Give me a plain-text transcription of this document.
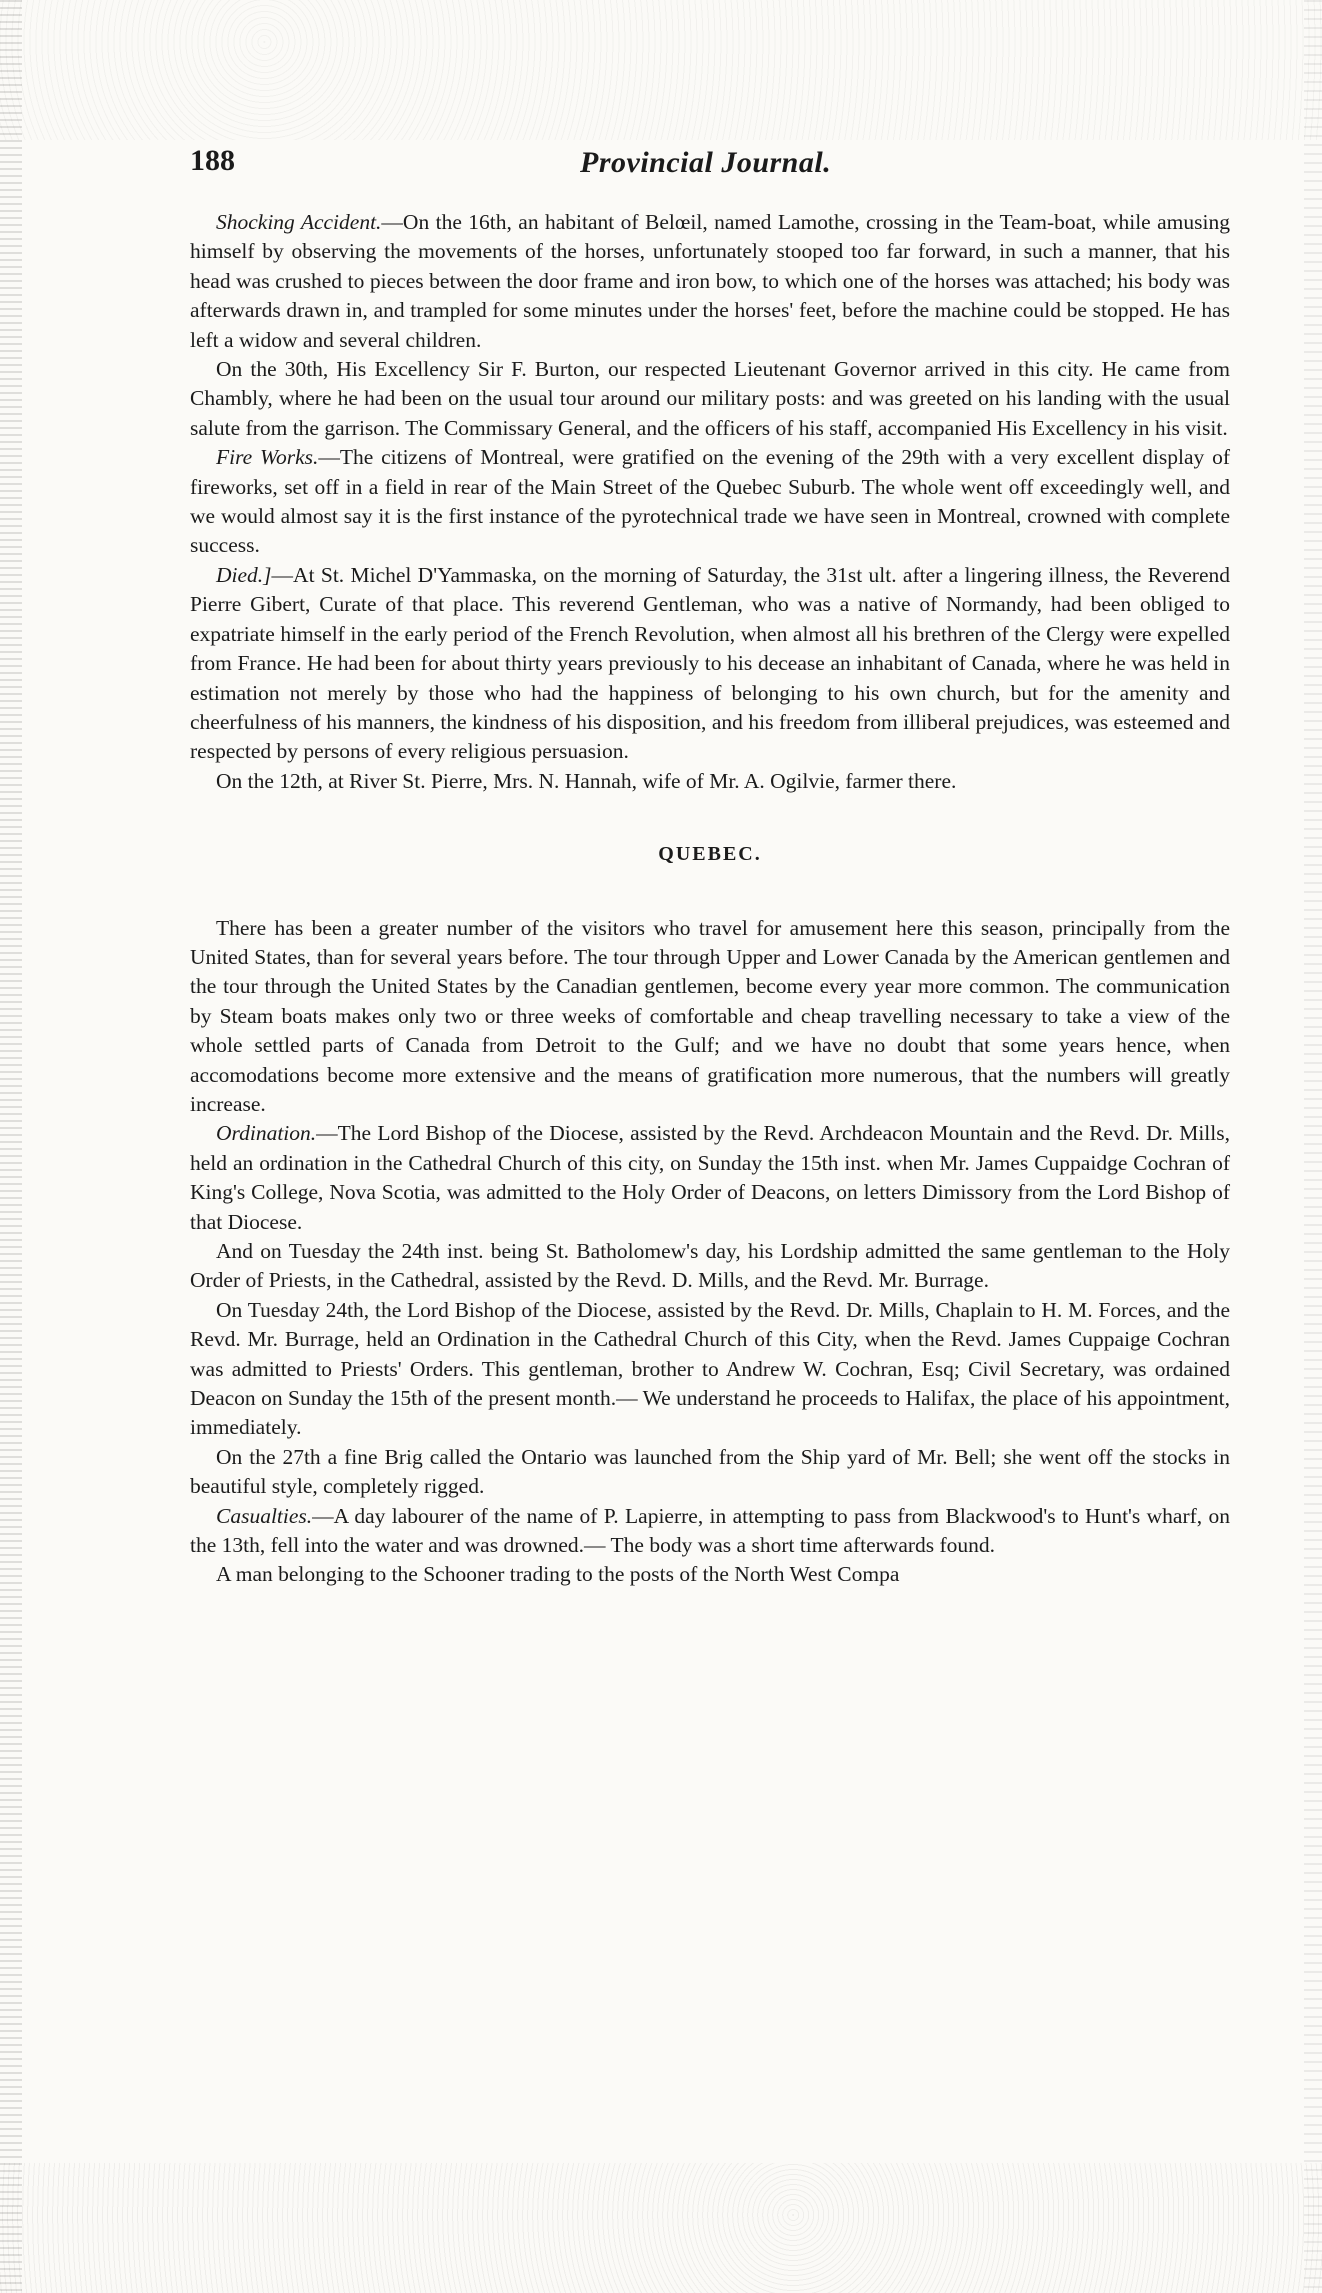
188	Provincial Journal.

Shocking Accident.—On the 16th, an habitant of Belœil, named Lamothe, crossing in the Team-boat, while amusing himself by observing the movements of the horses, unfortunately stooped too far forward, in such a manner, that his head was crushed to pieces between the door frame and iron bow, to which one of the horses was attached; his body was afterwards drawn in, and trampled for some minutes under the horses' feet, before the machine could be stopped. He has left a widow and several children.

On the 30th, His Excellency Sir F. Burton, our respected Lieutenant Governor arrived in this city. He came from Chambly, where he had been on the usual tour around our military posts: and was greeted on his landing with the usual salute from the garrison. The Commissary General, and the officers of his staff, accompanied His Excellency in his visit.

Fire Works.—The citizens of Montreal, were gratified on the evening of the 29th with a very excellent display of fireworks, set off in a field in rear of the Main Street of the Quebec Suburb. The whole went off exceedingly well, and we would almost say it is the first instance of the pyrotechnical trade we have seen in Montreal, crowned with complete success.

Died.]—At St. Michel D'Yammaska, on the morning of Saturday, the 31st ult. after a lingering illness, the Reverend Pierre Gibert, Curate of that place. This reverend Gentleman, who was a native of Normandy, had been obliged to expatriate himself in the early period of the French Revolution, when almost all his brethren of the Clergy were expelled from France. He had been for about thirty years previously to his decease an inhabitant of Canada, where he was held in estimation not merely by those who had the happiness of belonging to his own church, but for the amenity and cheerfulness of his manners, the kindness of his disposition, and his freedom from illiberal prejudices, was esteemed and respected by persons of every religious persuasion.

On the 12th, at River St. Pierre, Mrs. N. Hannah, wife of Mr. A. Ogilvie, farmer there.

QUEBEC.

There has been a greater number of the visitors who travel for amusement here this season, principally from the United States, than for several years before. The tour through Upper and Lower Canada by the American gentlemen and the tour through the United States by the Canadian gentlemen, become every year more common. The communication by Steam boats makes only two or three weeks of comfortable and cheap travelling necessary to take a view of the whole settled parts of Canada from Detroit to the Gulf; and we have no doubt that some years hence, when accomodations become more extensive and the means of gratification more numerous, that the numbers will greatly increase.

Ordination.—The Lord Bishop of the Diocese, assisted by the Revd. Archdeacon Mountain and the Revd. Dr. Mills, held an ordination in the Cathedral Church of this city, on Sunday the 15th inst. when Mr. James Cuppaidge Cochran of King's College, Nova Scotia, was admitted to the Holy Order of Deacons, on letters Dimissory from the Lord Bishop of that Diocese.

And on Tuesday the 24th inst. being St. Batholomew's day, his Lordship admitted the same gentleman to the Holy Order of Priests, in the Cathedral, assisted by the Revd. D. Mills, and the Revd. Mr. Burrage.

On Tuesday 24th, the Lord Bishop of the Diocese, assisted by the Revd. Dr. Mills, Chaplain to H. M. Forces, and the Revd. Mr. Burrage, held an Ordination in the Cathedral Church of this City, when the Revd. James Cuppaige Cochran was admitted to Priests' Orders. This gentleman, brother to Andrew W. Cochran, Esq; Civil Secretary, was ordained Deacon on Sunday the 15th of the present month.— We understand he proceeds to Halifax, the place of his appointment, immediately.

On the 27th a fine Brig called the Ontario was launched from the Ship yard of Mr. Bell; she went off the stocks in beautiful style, completely rigged.

Casualties.—A day labourer of the name of P. Lapierre, in attempting to pass from Blackwood's to Hunt's wharf, on the 13th, fell into the water and was drowned.— The body was a short time afterwards found.

A man belonging to the Schooner trading to the posts of the North West Compa
